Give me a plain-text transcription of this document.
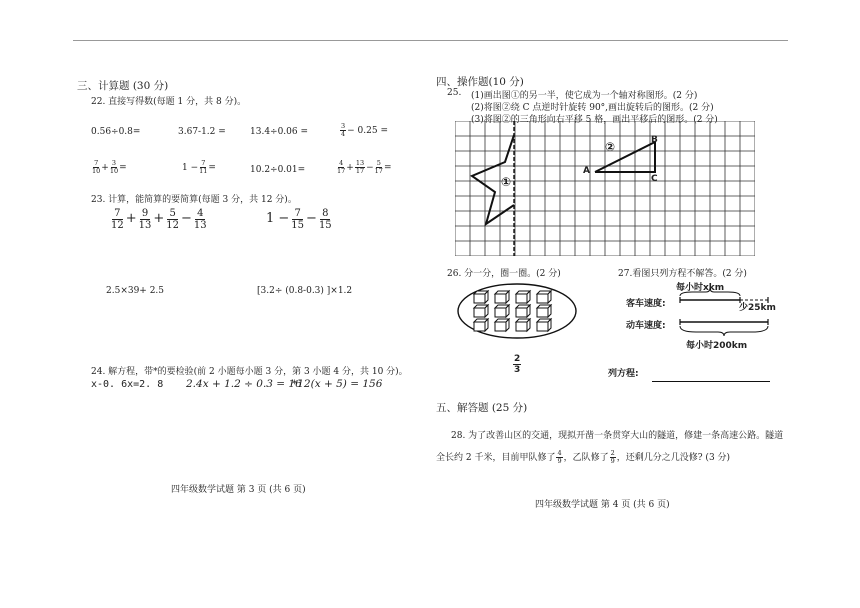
三、计算题 (30 分)
22. 直接写得数(每题 1 分，共 8 分)。
0.56÷0.8=	3.67-1.2 =	13.4÷0.06 =	$\frac{3}{4} - 0.25$ =
$\frac{7}{10} + \frac{3}{10}$ =	$1 - \frac{7}{11}$ =	10.2÷0.01=	$\frac{4}{17} + \frac{13}{17} - \frac{5}{17}$ =
23. 计算，能简算的要简算(每题 3 分，共 12 分)。
$\frac{7}{12} + \frac{9}{13} + \frac{5}{12} - \frac{4}{13}$	$1 - \frac{7}{15} - \frac{8}{15}$
2.5×39+ 2.5	[3.2÷ (0.8-0.3) ]×1.2
24. 解方程，带*的要检验(前 2 小题每小题 3 分，第 3 小题 4 分，共 10 分)。
x-0. 6x=2. 8 2.4x + 1.2 ÷ 0.3 = 16
*12(x + 5) = 156
四年级数学试题 第 3 页 (共 6 页)
四、操作题(10 分)
25. (1)画出图①的另一半，使它成为一个轴对称图形。(2 分)
(2)将图②绕 C 点逆时针旋转 90°,画出旋转后的图形。(2 分)
(3)将图②的三角形向右平移 5 格，画出平移后的图形。(2 分)
①
②
A
B
C
26. 分一分，圈一圈。(2 分)	27.看图只列方程不解答。(2 分)
$\frac{2}{3}$
每小时xkm
客车速度:	少25km
动车速度:
每小时200km
列方程:
五、解答题 (25 分)
28. 为了改善山区的交通，现拟开凿一条贯穿大山的隧道，修建一条高速公路。隧道
全长约 2 千米，目前甲队修了 $\frac{4}{9}$ ，乙队修了 $\frac{2}{9}$ ，还剩几分之几没修? (3 分)
四年级数学试题 第 4 页 (共 6 页)
